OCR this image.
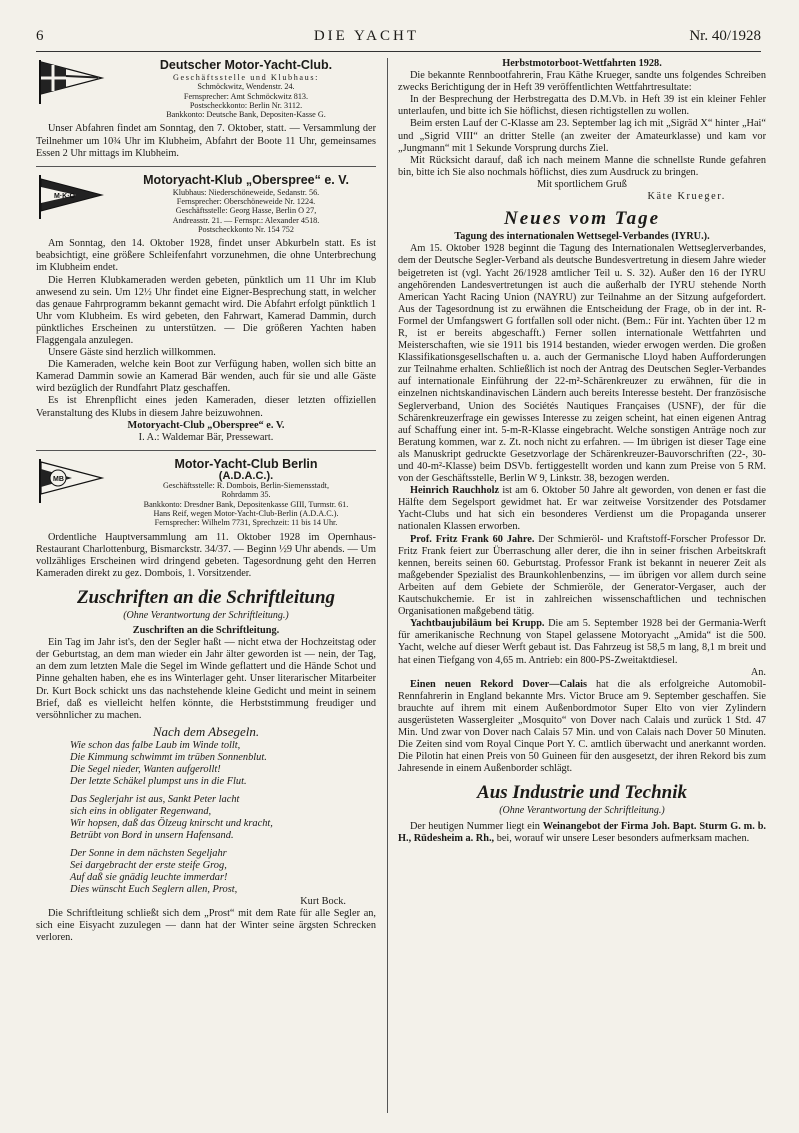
6	DIE YACHT	Nr. 40/1928
Deutscher Motor-Yacht-Club.
Geschäftsstelle und Klubhaus:
Schmöckwitz, Wendenstr. 24.
Fernsprecher: Amt Schmöckwitz 813.
Postscheckkonto: Berlin Nr. 3112.
Bankkonto: Deutsche Bank, Depositen-Kasse G.

Unser Abfahren findet am Sonntag, den 7. Oktober, statt. — Versammlung der Teilnehmer um 10¾ Uhr im Klubheim, Abfahrt der Boote 11 Uhr, gemeinsames Essen 2 Uhr mittags im Klubheim.

M·K·O
Motoryacht-Klub „Oberspree“ e. V.
Klubhaus: Niederschöneweide, Sedanstr. 56.
Fernsprecher: Oberschöneweide Nr. 1224.
Geschäftsstelle: Georg Hasse, Berlin O 27,
Andreasstr. 21. — Fernspr.: Alexander 4518.
Postscheckkonto Nr. 154 752

Am Sonntag, den 14. Oktober 1928, findet unser Abkurbeln statt. Es ist beabsichtigt, eine größere Schleifenfahrt vorzunehmen, die ohne Unterbrechung im Klubheim endet.

Die Herren Klubkameraden werden gebeten, pünktlich um 11 Uhr im Klub anwesend zu sein. Um 12½ Uhr findet eine Eigner-Besprechung statt, in welcher das genaue Fahrprogramm bekannt gemacht wird. Die Abfahrt erfolgt pünktlich 1 Uhr vom Klubheim. Es wird gebeten, den Fahrwart, Kamerad Dammin, durch pünktliches Erscheinen zu unterstützen. — Die größeren Yachten haben Flaggengala anzulegen.

Unsere Gäste sind herzlich willkommen.

Die Kameraden, welche kein Boot zur Verfügung haben, wollen sich bitte an Kamerad Dammin sowie an Kamerad Bär wenden, auch für sie und alle Gäste wird bezüglich der Rundfahrt Platz geschaffen.

Es ist Ehrenpflicht eines jeden Kameraden, dieser letzten offiziellen Veranstaltung des Klubs in diesem Jahre beizuwohnen.

Motoryacht-Club „Oberspree“ e. V.
I. A.: Waldemar Bär, Pressewart.
MB
Motor-Yacht-Club Berlin
(A.D.A.C.).
Geschäftsstelle: R. Dombois, Berlin-Siemensstadt,
Rohrdamm 35.
Bankkonto: Dresdner Bank, Depositenkasse GIII, Turmstr. 61.
Hans Reif, wegen Motor-Yacht-Club-Berlin (A.D.A.C.).
Fernsprecher: Wilhelm 7731, Sprechzeit: 11 bis 14 Uhr.

Ordentliche Hauptversammlung am 11. Oktober 1928 im Opernhaus-Restaurant Charlottenburg, Bismarckstr. 34/37. — Beginn ½9 Uhr abends. — Um vollzähliges Erscheinen wird dringend gebeten. Tagesordnung geht den Herren Kameraden direkt zu gez. Dombois, 1. Vorsitzender.

Zuschriften an die Schriftleitung
(Ohne Verantwortung der Schriftleitung.)
Zuschriften an die Schriftleitung.

Ein Tag im Jahr ist's, den der Segler haßt — nicht etwa der Hochzeitstag oder der Geburtstag, an dem man wieder ein Jahr älter geworden ist — nein, der Tag, an dem zum letzten Male die Segel im Winde geflattert und die Hände Schot und Pinne gehalten haben, ehe es ins Winterlager geht. Unser literarischer Mitarbeiter Dr. Kurt Bock schickt uns das nachstehende kleine Gedicht und meint in seinem Brief, daß es vielleicht helfen könnte, die Herbststimmung freudiger und versöhnlicher zu machen.

Nach dem Absegeln.
Wie schon das falbe Laub im Winde tollt,
Die Kimmung schwimmt im trüben Sonnenblut.
Die Segel nieder, Wanten aufgerollt!
Der letzte Schäkel plumpst uns in die Flut.
Das Seglerjahr ist aus, Sankt Peter lacht
sich eins in obligater Regenwand,
Wir hopsen, daß das Ölzeug knirscht und kracht,
Betrübt von Bord in unsern Hafensand.
Der Sonne in dem nächsten Segeljahr
Sei dargebracht der erste steife Grog,
Auf daß sie gnädig leuchte immerdar!
Dies wünscht Euch Seglern allen, Prost,
Kurt Bock.

Die Schriftleitung schließt sich dem „Prost“ mit dem Rate für alle Segler an, sich eine Eisyacht zuzulegen — dann hat der Winter seine ärgsten Schrecken verloren.

Herbstmotorboot-Wettfahrten 1928.

Die bekannte Rennbootfahrerin, Frau Käthe Krueger, sandte uns folgendes Schreiben zwecks Berichtigung der in Heft 39 veröffentlichten Wettfahrtresultate:

In der Besprechung der Herbstregatta des D.M.Vb. in Heft 39 ist ein kleiner Fehler unterlaufen, und bitte ich Sie höflichst, diesen richtigstellen zu wollen.

Beim ersten Lauf der C-Klasse am 23. September lag ich mit „Sigräd X“ hinter „Hai“ und „Sigrid VIII“ an dritter Stelle (an zweiter der Amateurklasse) und kam vor „Jungmann“ mit 1 Sekunde Vorsprung durchs Ziel.

Mit Rücksicht darauf, daß ich nach meinem Manne die schnellste Runde gefahren bin, bitte ich Sie also nochmals höflichst, dies zum Ausdruck zu bringen.

Mit sportlichem Gruß
Käte Krueger.
Neues vom Tage
Tagung des internationalen Wettsegel-Verbandes (IYRU.).

Am 15. Oktober 1928 beginnt die Tagung des Internationalen Wettseglerverbandes, dem der Deutsche Segler-Verband als deutsche Bundesvertretung in diesem Jahre wieder beigetreten ist (vgl. Yacht 26/1928 amtlicher Teil u. S. 32). Außer den 16 der IYRU angehörenden Landesvertretungen ist auch die außerhalb der IYRU stehende North American Yacht Racing Union (NAYRU) zur Teilnahme an der Sitzung aufgefordert. Aus der Tagesordnung ist zu erwähnen die Entscheidung der Frage, ob in der int. R-Formel der Umfangswert G fortfallen soll oder nicht. (Bem.: Für int. Yachten über 12 m R, ist er bereits abgeschafft.) Ferner sollen internationale Wettfahrten und Meisterschaften, wie sie 1911 bis 1914 bestanden, wieder erwogen werden. Die großen Klassifikationsgesellschaften u. a. auch der Germanische Lloyd haben Aufforderungen zur Teilnahme erhalten. Schließlich ist noch der Antrag des Deutschen Segler-Verbandes auf internationale Einführung der 22-m²-Schärenkreuzer zu erwähnen, für die in einzelnen nichtskandinavischen Ländern auch bereits Interesse besteht. Der französische Seglerverband, Union des Sociétés Nautiques Françaises (USNF), der für die Schärenkreuzerfrage ein gewisses Interesse zu zeigen scheint, hat einen eigenen Antrag auf Schaffung einer int. 5-m-R-Klasse eingebracht. Welche sonstigen Anträge noch zur Beratung kommen, war z. Zt. noch nicht zu erfahren. — Im übrigen ist dieser Tage eine als Manuskript gedruckte Gesetzvorlage der Schärenkreuzer-Bauvorschriften (22-, 30- und 40-m²-Klasse) beim DSVb. fertiggestellt worden und kann zum Preise von 5 RM. von der Geschäftsstelle, Berlin W 9, Linkstr. 38, bezogen werden.

Heinrich Rauchholz ist am 6. Oktober 50 Jahre alt geworden, von denen er fast die Hälfte dem Segelsport gewidmet hat. Er war zeitweise Vorsitzender des Potsdamer Yacht-Clubs und hat sich ein besonderes Verdienst um die Propaganda unserer nationalen Klassen erworben.

Prof. Fritz Frank 60 Jahre. Der Schmieröl- und Kraftstoff-Forscher Professor Dr. Fritz Frank feiert zur Überraschung aller derer, die ihn in seiner frischen Arbeitskraft kennen, bereits seinen 60. Geburtstag. Professor Frank ist bekannt in neuerer Zeit als maßgebender Spezialist des Braunkohlenbenzins, — im übrigen vor allem durch seine Arbeiten auf dem Gebiete der Schmieröle, der Generator-Vergaser, auch der Kautschukchemie. Er ist in zahlreichen wissenschaftlichen und technischen Organisationen maßgebend tätig.

Yachtbaujubiläum bei Krupp. Die am 5. September 1928 bei der Germania-Werft für amerikanische Rechnung von Stapel gelassene Motoryacht „Amida“ ist die 500. Yacht, welche auf dieser Werft gebaut ist. Das Fahrzeug ist 58,5 m lang, 8,1 m breit und hat einen Tiefgang von 4,65 m. Antrieb: ein 800-PS-Zweitaktdiesel.

An.

Einen neuen Rekord Dover—Calais hat die als erfolgreiche Automobil-Rennfahrerin in England bekannte Mrs. Victor Bruce am 9. September geschaffen. Sie brauchte auf ihrem mit einem Außenbordmotor Super Elto von vier Zylindern ausgerüsteten Wassergleiter „Mosquito“ von Dover nach Calais und zurück 1 Std. 47 Min. Und zwar von Dover nach Calais 57 Min. und von Calais nach Dover 50 Minuten. Die Zeiten sind vom Royal Cinque Port Y. C. amtlich überwacht und anerkannt worden. Die Pilotin hat einen Preis von 50 Guineen für den ausgesetzt, der ihren Rekord bis zum Jahresende in einem Außenborder schlägt.

Aus Industrie und Technik
(Ohne Verantwortung der Schriftleitung.)

Der heutigen Nummer liegt ein Weinangebot der Firma Joh. Bapt. Sturm G. m. b. H., Rüdesheim a. Rh., bei, worauf wir unsere Leser besonders aufmerksam machen.
